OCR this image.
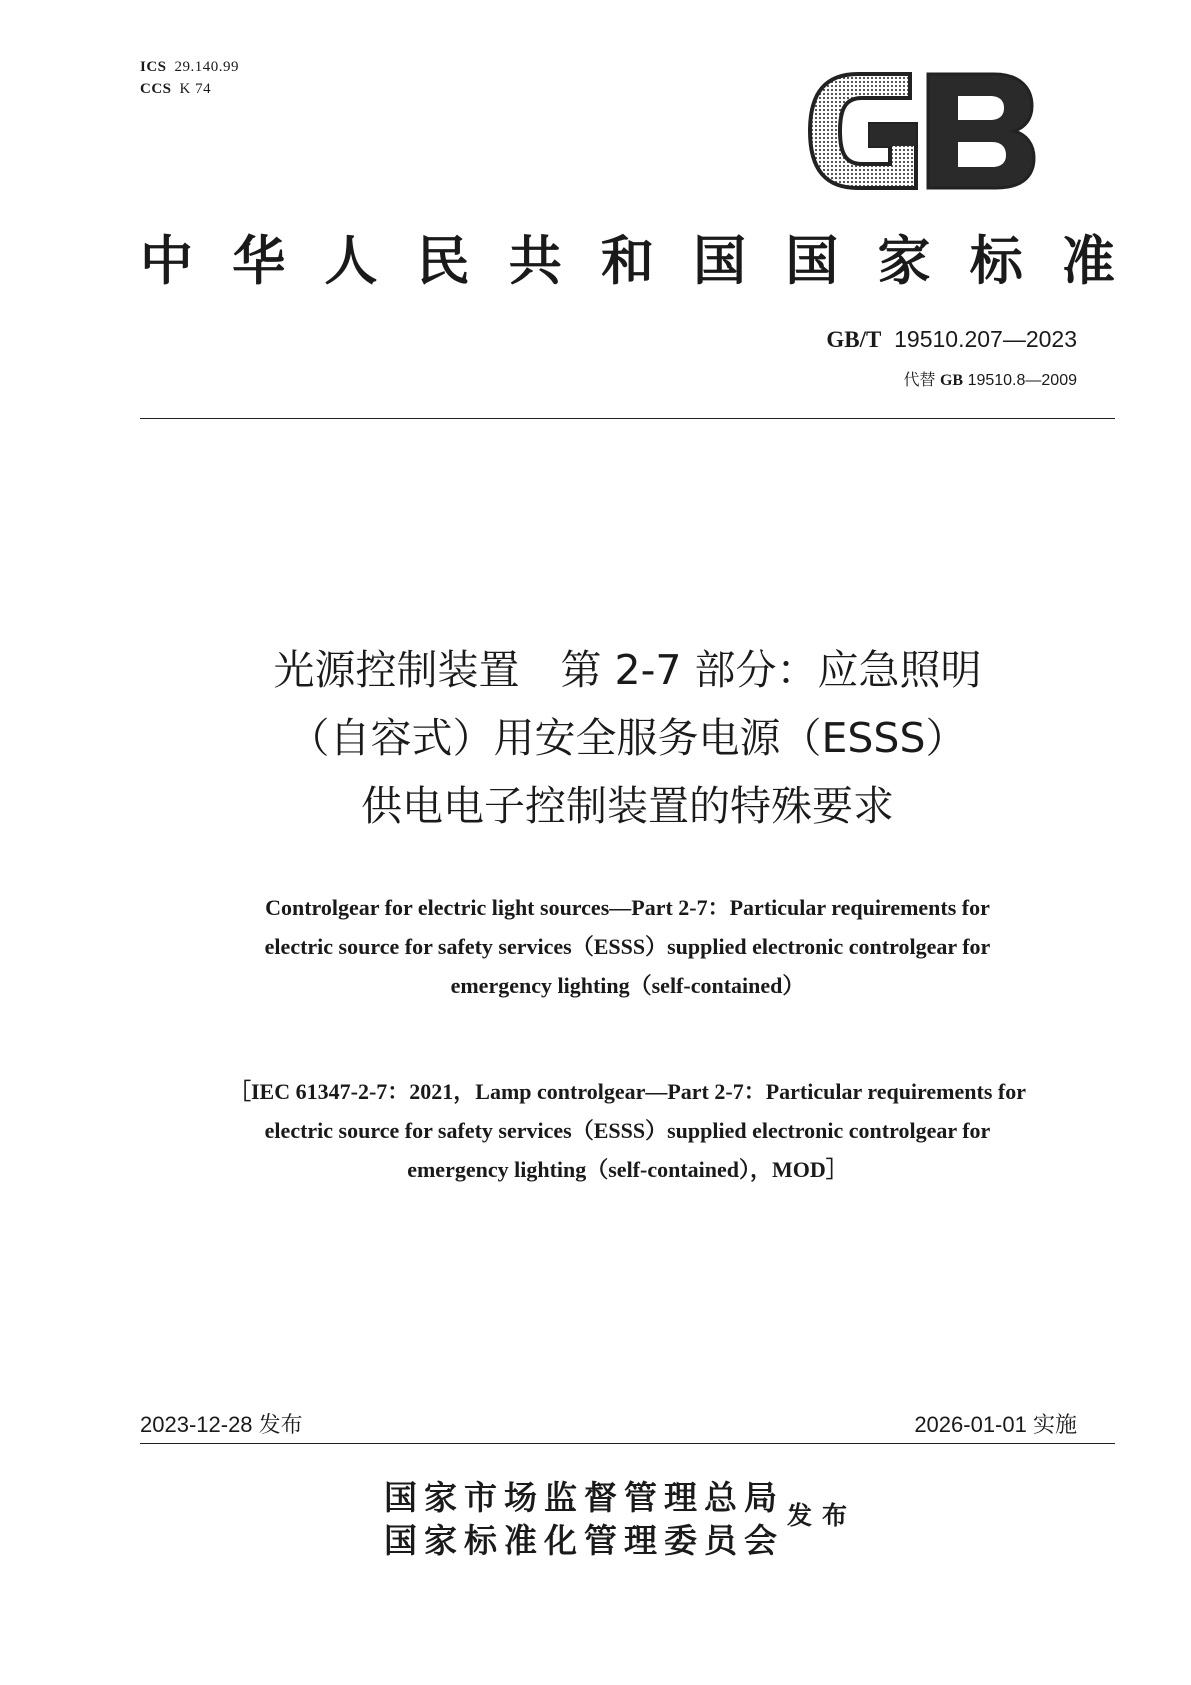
ICS 29.140.99
CCS K 74
中 华 人 民 共 和 国 国 家 标 准
GB/T 19510.207—2023
代替 GB 19510.8—2009
光源控制装置　第 2-7 部分：应急照明
（自容式）用安全服务电源（ESSS）
供电电子控制装置的特殊要求
Controlgear for electric light sources—Part 2-7：Particular requirements for
electric source for safety services（ESSS）supplied electronic controlgear for
emergency lighting（self-contained）
［IEC 61347-2-7：2021，Lamp controlgear—Part 2-7：Particular requirements for
electric source for safety services（ESSS）supplied electronic controlgear for
emergency lighting（self-contained），MOD］
2023-12-28 发布	2026-01-01 实施
国家市场监督管理总局
国家标准化管理委员会
发布
